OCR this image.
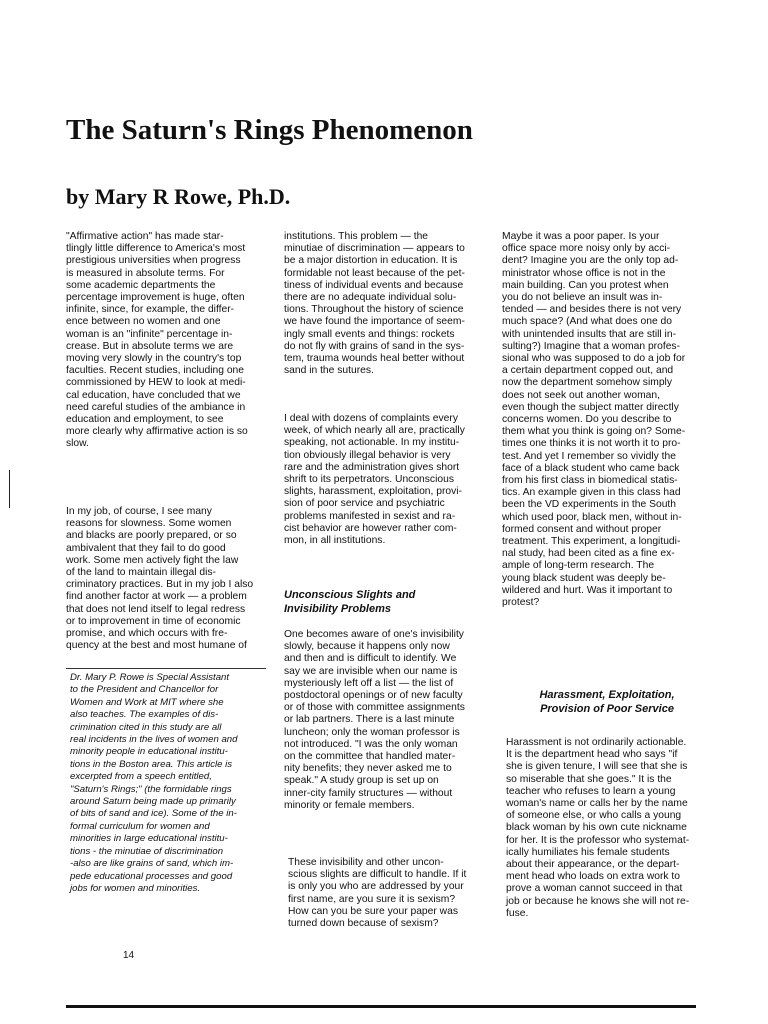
The Saturn's Rings Phenomenon
by Mary R Rowe, Ph.D.
"Affirmative action" has made star-
tlingly little difference to America's most
prestigious universities when progress
is measured in absolute terms. For
some academic departments the
percentage improvement is huge, often
infinite, since, for example, the differ-
ence between no women and one
woman is an "infinite" percentage in-
crease. But in absolute terms we are
moving very slowly in the country's top
faculties. Recent studies, including one
commissioned by HEW to look at medi-
cal education, have concluded that we
need careful studies of the ambiance in
education and employment, to see
more clearly why affirmative action is so
slow.
In my job, of course, I see many
reasons for slowness. Some women
and blacks are poorly prepared, or so
ambivalent that they fail to do good
work. Some men actively fight the law
of the land to maintain illegal dis-
criminatory practices. But in my job I also
find another factor at work — a problem
that does not lend itself to legal redress
or to improvement in time of economic
promise, and which occurs with fre-
quency at the best and most humane of
Dr. Mary P. Rowe is Special Assistant
to the President and Chancellor for
Women and Work at MIT where she
also teaches. The examples of dis-
crimination cited in this study are all
real incidents in the lives of women and
minority people in educational institu-
tions in the Boston area. This article is
excerpted from a speech entitled,
"Saturn's Rings;" (the formidable rings
around Saturn being made up primarily
of bits of sand and ice). Some of the in-
formal curriculum for women and
minorities in large educational institu-
tions - the minutiae of discrimination
-also are like grains of sand, which im-
pede educational processes and good
jobs for women and minorities.
institutions. This problem — the
minutiae of discrimination — appears to
be a major distortion in education. It is
formidable not least because of the pet-
tiness of individual events and because
there are no adequate individual solu-
tions. Throughout the history of science
we have found the importance of seem-
ingly small events and things: rockets
do not fly with grains of sand in the sys-
tem, trauma wounds heal better without
sand in the sutures.
I deal with dozens of complaints every
week, of which nearly all are, practically
speaking, not actionable. In my institu-
tion obviously illegal behavior is very
rare and the administration gives short
shrift to its perpetrators. Unconscious
slights, harassment, exploitation, provi-
sion of poor service and psychiatric
problems manifested in sexist and ra-
cist behavior are however rather com-
mon, in all institutions.
Unconscious Slights and
Invisibility Problems
One becomes aware of one's invisibility
slowly, because it happens only now
and then and is difficult to identify. We
say we are invisible when our name is
mysteriously left off a list — the list of
postdoctoral openings or of new faculty
or of those with committee assignments
or lab partners. There is a last minute
luncheon; only the woman professor is
not introduced. "I was the only woman
on the committee that handled mater-
nity benefits; they never asked me to
speak." A study group is set up on
inner-city family structures — without
minority or female members.
These invisibility and other uncon-
scious slights are difficult to handle. If it
is only you who are addressed by your
first name, are you sure it is sexism?
How can you be sure your paper was
turned down because of sexism?
Maybe it was a poor paper. Is your
office space more noisy only by acci-
dent? Imagine you are the only top ad-
ministrator whose office is not in the
main building. Can you protest when
you do not believe an insult was in-
tended — and besides there is not very
much space? (And what does one do
with unintended insults that are still in-
sulting?) Imagine that a woman profes-
sional who was supposed to do a job for
a certain department copped out, and
now the department somehow simply
does not seek out another woman,
even though the subject matter directly
concerns women. Do you describe to
them what you think is going on? Some-
times one thinks it is not worth it to pro-
test. And yet I remember so vividly the
face of a black student who came back
from his first class in biomedical statis-
tics. An example given in this class had
been the VD experiments in the South
which used poor, black men, without in-
formed consent and without proper
treatment. This experiment, a longitudi-
nal study, had been cited as a fine ex-
ample of long-term research. The
young black student was deeply be-
wildered and hurt. Was it important to
protest?
Harassment, Exploitation,
Provision of Poor Service
Harassment is not ordinarily actionable.
It is the department head who says "if
she is given tenure, I will see that she is
so miserable that she goes." It is the
teacher who refuses to learn a young
woman's name or calls her by the name
of someone else, or who calls a young
black woman by his own cute nickname
for her. It is the professor who systemat-
ically humiliates his female students
about their appearance, or the depart-
ment head who loads on extra work to
prove a woman cannot succeed in that
job or because he knows she will not re-
fuse.
14
